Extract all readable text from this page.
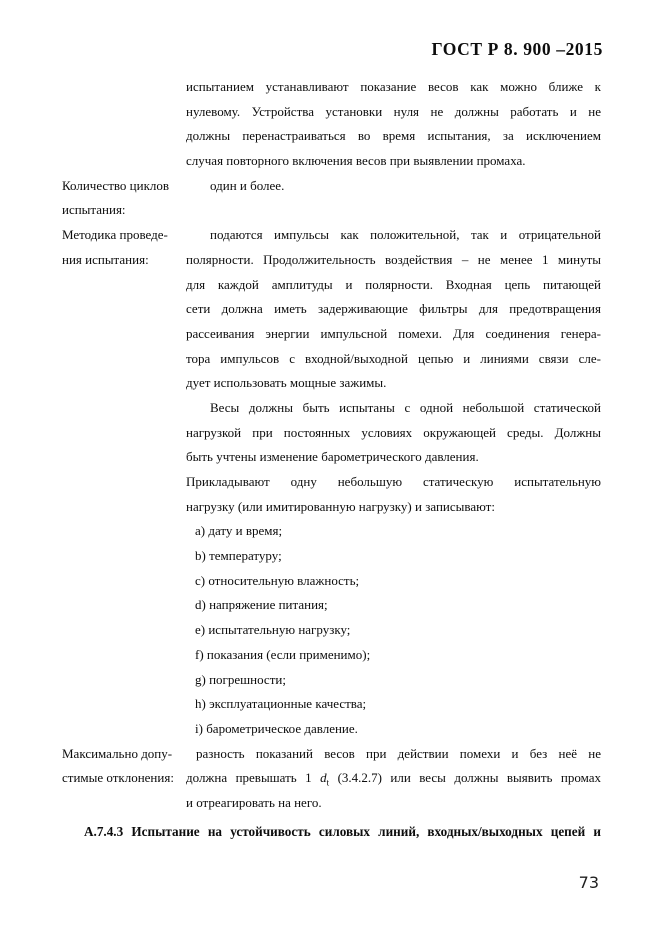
ГОСТ Р 8. 900 –2015
испытанием устанавливают показание весов как можно ближе к
нулевому. Устройства установки нуля не должны работать и не
должны перенастраиваться во время испытания, за исключением
случая повторного включения весов при выявлении промаха.
Количество циклов
испытания:
один и более.
Методика проведе-
ния испытания:
подаются импульсы как положительной, так и отрицательной
полярности. Продолжительность воздействия – не менее 1 минуты
для каждой амплитуды и полярности. Входная цепь питающей
сети должна иметь задерживающие фильтры для предотвращения
рассеивания энергии импульсной помехи. Для соединения генера-
тора импульсов с входной/выходной цепью и линиями связи сле-
дует использовать мощные зажимы.
Весы должны быть испытаны с одной небольшой статической
нагрузкой при постоянных условиях окружающей среды. Должны
быть учтены изменение барометрического давления.
Прикладывают одну небольшую статическую испытательную
нагрузку (или имитированную нагрузку) и записывают:
a) дату и время;
b) температуру;
c) относительную влажность;
d) напряжение питания;
e) испытательную нагрузку;
f) показания (если применимо);
g) погрешности;
h) эксплуатационные качества;
i) барометрическое давление.
Максимально допу-
стимые отклонения:
разность показаний весов при действии помехи и без неё не
должна превышать 1 $d_t$ (3.4.2.7) или весы должны выявить промах
и отреагировать на него.
А.7.4.3 Испытание на устойчивость силовых линий, входных/выходных цепей и
73
